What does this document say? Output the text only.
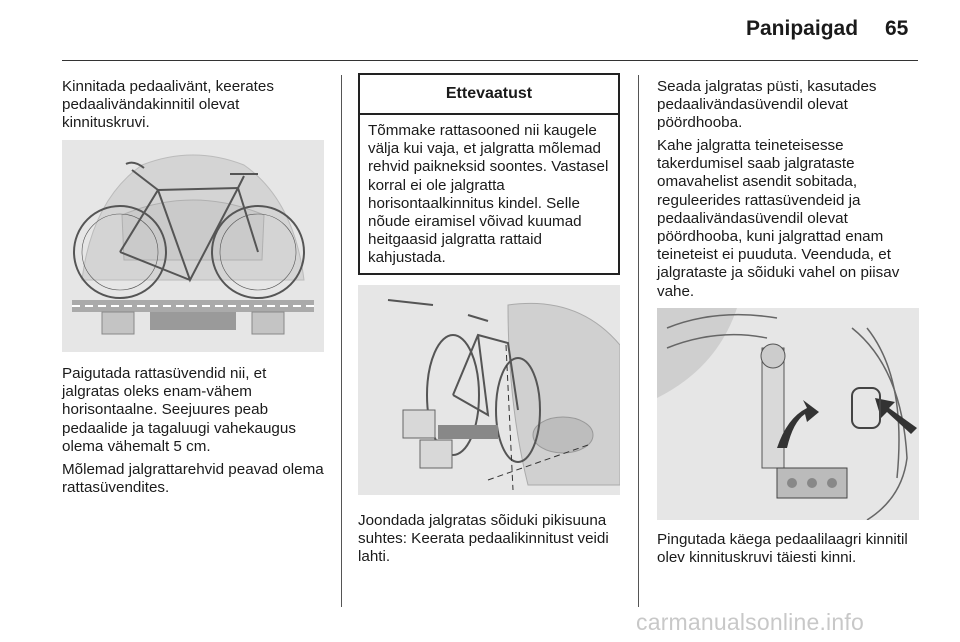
Panipaigad 65

Kinnitada pedaalivänt, keerates pedaalivändakinnitil olevat kinnituskruvi.

Paigutada rattasüvendid nii, et jalgratas oleks enam-vähem horisontaalne. Seejuures peab pedaalide ja tagaluugi vahekaugus olema vähemalt 5 cm.

Mõlemad jalgrattarehvid peavad olema rattasüvendites.

Ettevaatust
Tõmmake rattasooned nii kaugele välja kui vaja, et jalgratta mõlemad rehvid paikneksid soontes. Vastasel korral ei ole jalgratta horisontaalkinnitus kindel. Selle nõude eiramisel võivad kuumad heitgaasid jalgratta rattaid kahjustada.

Joondada jalgratas sõiduki pikisuuna suhtes: Keerata pedaalikinnitust veidi lahti.

Seada jalgratas püsti, kasutades pedaalivändasüvendil olevat pöördhooba.

Kahe jalgratta teineteisesse takerdumisel saab jalgrataste omavahelist asendit sobitada, reguleerides rattasüvendeid ja pedaalivändasüvendil olevat pöördhooba, kuni jalgrattad enam teineteist ei puuduta. Veenduda, et jalgrataste ja sõiduki vahel on piisav vahe.

Pingutada käega pedaalilaagri kinnitil olev kinnituskruvi täiesti kinni.

carmanualsonline.info
